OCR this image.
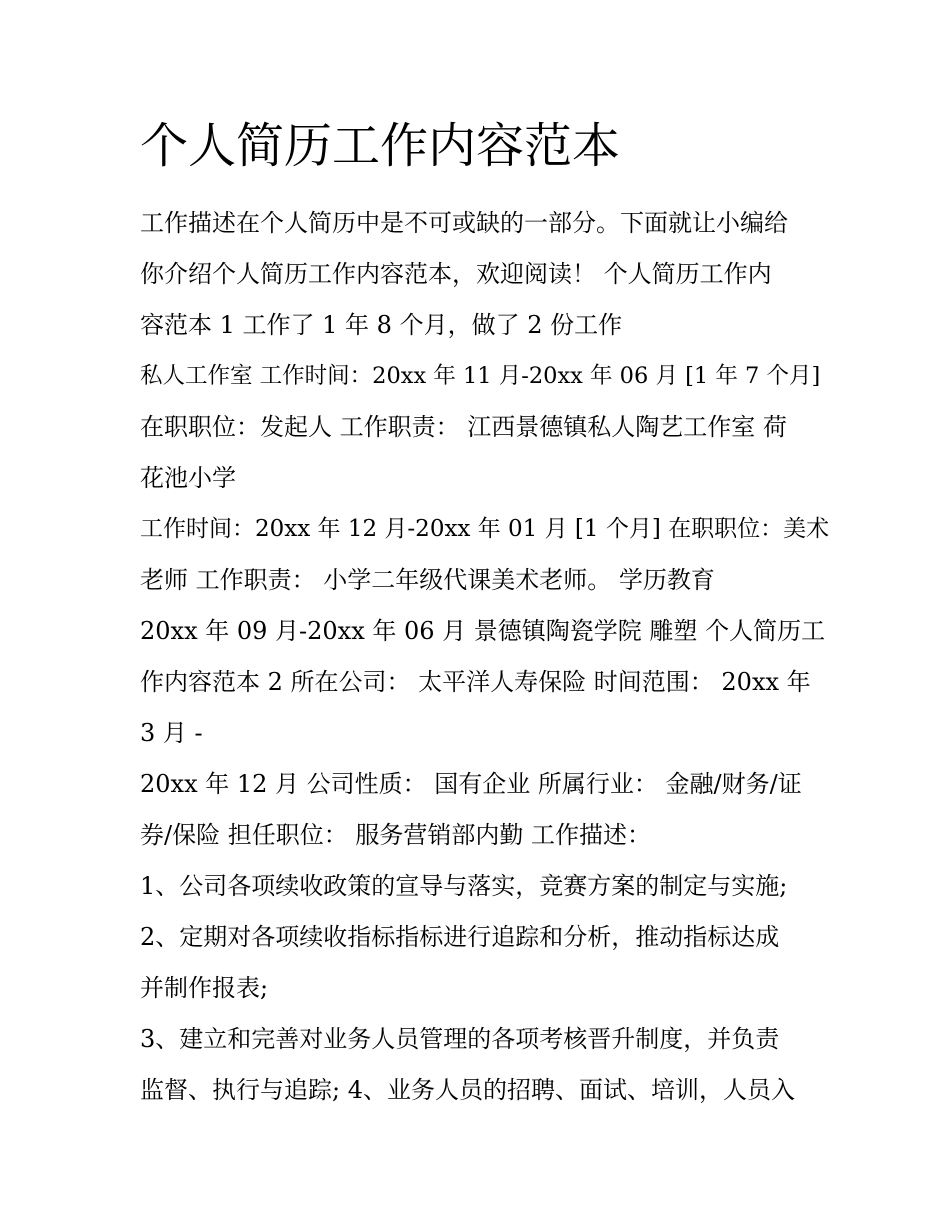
个人简历工作内容范本
工作描述在个人简历中是不可或缺的一部分。下面就让小编给
你介绍个人简历工作内容范本，欢迎阅读！ 个人简历工作内
容范本 1 工作了 1 年 8 个月，做了 2 份工作
私人工作室 工作时间：20xx 年 11 月-20xx 年 06 月 [1 年 7 个月]
在职职位：发起人 工作职责： 江西景德镇私人陶艺工作室 荷
花池小学
工作时间：20xx 年 12 月-20xx 年 01 月 [1 个月] 在职职位：美术
老师 工作职责： 小学二年级代课美术老师。 学历教育
20xx 年 09 月-20xx 年 06 月 景德镇陶瓷学院 雕塑 个人简历工
作内容范本 2 所在公司： 太平洋人寿保险 时间范围： 20xx 年
3 月 -
20xx 年 12 月 公司性质： 国有企业 所属行业： 金融/财务/证
券/保险 担任职位： 服务营销部内勤 工作描述：
1、公司各项续收政策的宣导与落实，竞赛方案的制定与实施;
2、定期对各项续收指标指标进行追踪和分析，推动指标达成
并制作报表;
3、建立和完善对业务人员管理的各项考核晋升制度，并负责
监督、执行与追踪; 4、业务人员的招聘、面试、培训，人员入
